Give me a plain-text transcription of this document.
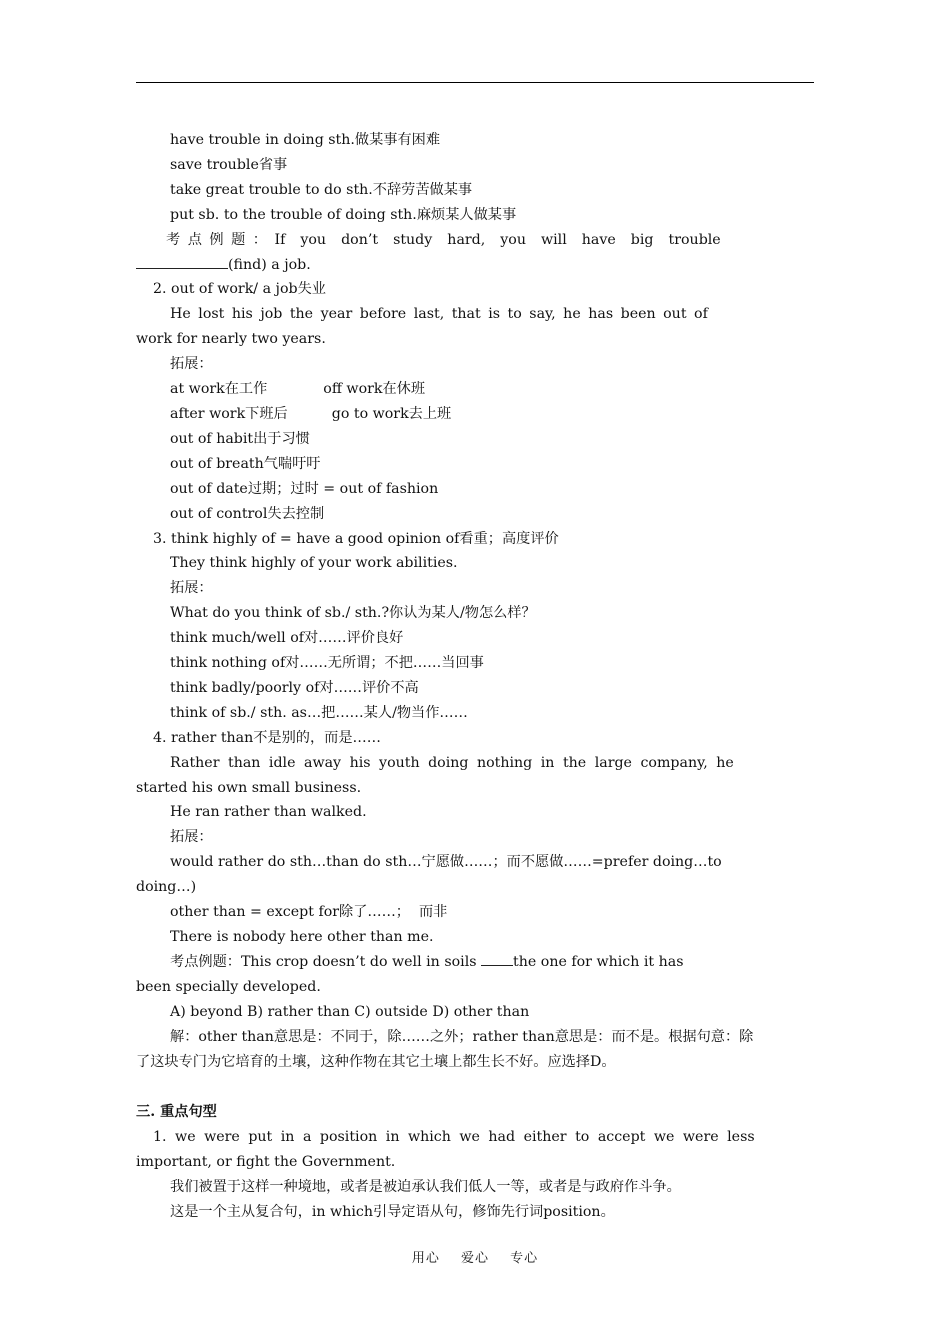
have trouble in doing sth.做某事有困难
save trouble省事
take great trouble to do sth.不辞劳苦做某事
put sb. to the trouble of doing sth.麻烦某人做某事
考 点 例 题 ： If  you  don’t  study  hard,  you  will  have  big  trouble
(find) a job.
2. out of work/ a job失业
He lost his job the year before last, that is to say, he has been out of
work for nearly two years.
拓展：
at work在工作	off work在休班
after work下班后	go to work去上班
out of habit出于习惯
out of breath气喘吁吁
out of date过期；过时 = out of fashion
out of control失去控制
3. think highly of = have a good opinion of看重；高度评价
They think highly of your work abilities.
拓展：
What do you think of sb./ sth.?你认为某人/物怎么样？
think much/well of对……评价良好
think nothing of对……无所谓；不把……当回事
think badly/poorly of对……评价不高
think of sb./ sth. as…把……某人/物当作……
4. rather than不是别的，而是……
Rather than idle away his youth doing nothing in the large company, he
started his own small business.
He ran rather than walked.
拓展：
would rather do sth…than do sth…宁愿做……；而不愿做……=prefer doing…to
doing…)
other than = except for除了……；  而非
There is nobody here other than me.
考点例题：This crop doesn’t do well in soils the one for which it has
been specially developed.
A) beyond B) rather than C) outside D) other than
解：other than意思是：不同于，除……之外；rather than意思是：而不是。根据句意：除
了这块专门为它培育的土壤，这种作物在其它土壤上都生长不好。应选择D。
三. 重点句型
1. we were put in a position in which we had either to accept we were less
important, or fight the Government.
我们被置于这样一种境地，或者是被迫承认我们低人一等，或者是与政府作斗争。
这是一个主从复合句，in which引导定语从句，修饰先行词position。
用心 爱心 专心
